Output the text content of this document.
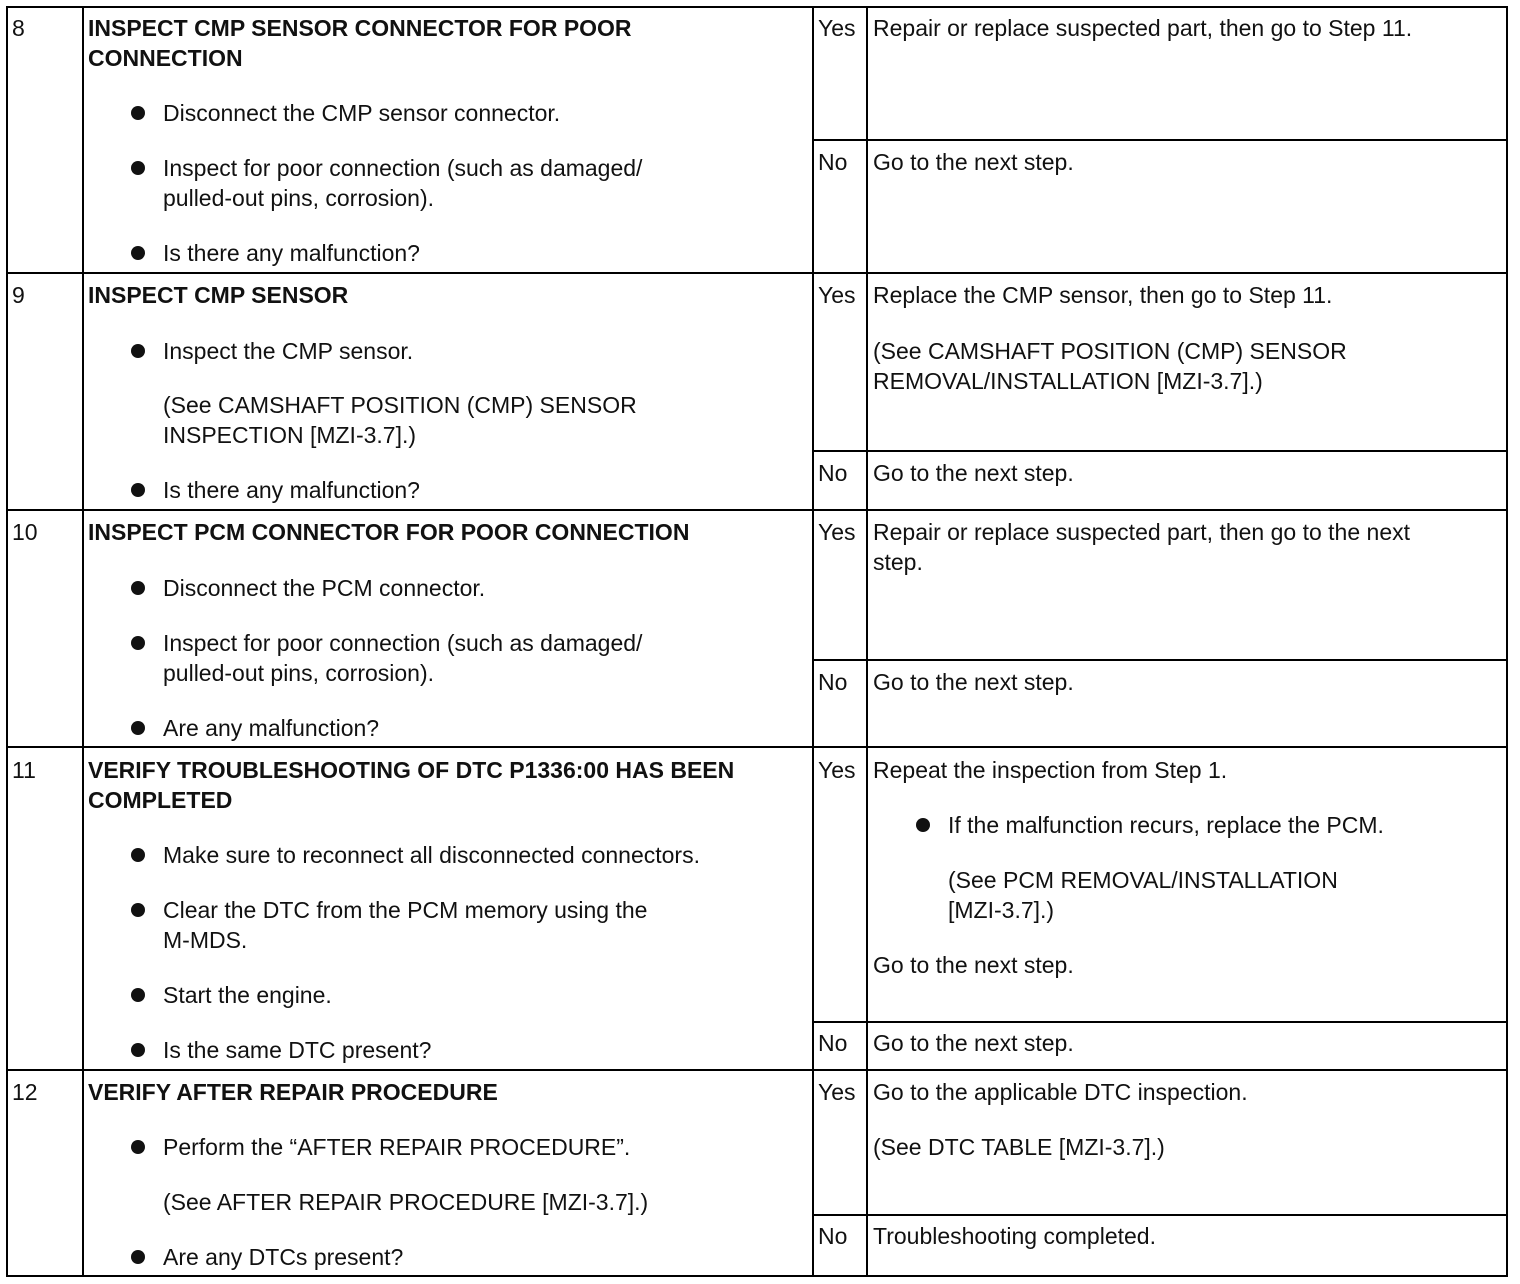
8	INSPECT CMP SENSOR CONNECTOR FOR POOR
CONNECTION
Disconnect the CMP sensor connector.
Inspect for poor connection (such as damaged/
pulled-out pins, corrosion).
Is there any malfunction?
Yes Repair or replace suspected part, then go to Step 11.
No Go to the next step.
9	INSPECT CMP SENSOR
Inspect the CMP sensor.
(See CAMSHAFT POSITION (CMP) SENSOR
INSPECTION [MZI-3.7].)
Is there any malfunction?
Yes Replace the CMP sensor, then go to Step 11.
(See CAMSHAFT POSITION (CMP) SENSOR
REMOVAL/INSTALLATION [MZI-3.7].)
No Go to the next step.
10 INSPECT PCM CONNECTOR FOR POOR CONNECTION
Disconnect the PCM connector.
Inspect for poor connection (such as damaged/
pulled-out pins, corrosion).
Are any malfunction?
Yes Repair or replace suspected part, then go to the next
step.
No Go to the next step.
11 VERIFY TROUBLESHOOTING OF DTC P1336:00 HAS BEEN
COMPLETED
Make sure to reconnect all disconnected connectors.
Clear the DTC from the PCM memory using the
M-MDS.
Start the engine.
Is the same DTC present?
Yes Repeat the inspection from Step 1.
If the malfunction recurs, replace the PCM.
(See PCM REMOVAL/INSTALLATION
[MZI-3.7].)
Go to the next step.
No Go to the next step.
12 VERIFY AFTER REPAIR PROCEDURE
Perform the “AFTER REPAIR PROCEDURE”.
(See AFTER REPAIR PROCEDURE [MZI-3.7].)
Are any DTCs present?
Yes Go to the applicable DTC inspection.
(See DTC TABLE [MZI-3.7].)
No Troubleshooting completed.
